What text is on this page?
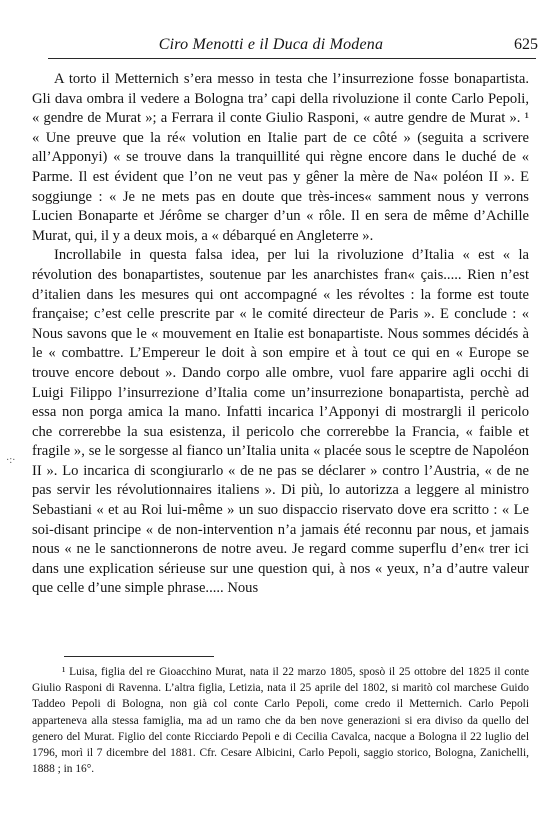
Ciro Menotti e il Duca di Modena	625
·:·

A torto il Metternich s’era messo in testa che l’insurrezione fosse bonapartista. Gli dava ombra il vedere a Bologna tra’ capi della rivoluzione il conte Carlo Pepoli, « gendre de Murat »; a Ferrara il conte Giulio Rasponi, « autre gendre de Murat ». ¹ « Une preuve que la ré« volution en Italie part de ce côté » (seguita a scrivere all’Apponyi) « se trouve dans la tranquillité qui règne encore dans le duché de « Parme. Il est évident que l’on ne veut pas y gêner la mère de Na« poléon II ». E soggiunge : « Je ne mets pas en doute que très-inces« samment nous y verrons Lucien Bonaparte et Jérôme se charger d’un « rôle. Il en sera de même d’Achille Murat, qui, il y a deux mois, a « débarqué en Angleterre ».

Incrollabile in questa falsa idea, per lui la rivoluzione d’Italia « est « la révolution des bonapartistes, soutenue par les anarchistes fran« çais..... Rien n’est d’italien dans les mesures qui ont accompagné « les révoltes : la forme est toute française; c’est celle prescrite par « le comité directeur de Paris ». E conclude : « Nous savons que le « mouvement en Italie est bonapartiste. Nous sommes décidés à le « combattre. L’Empereur le doit à son empire et à tout ce qui en « Europe se trouve encore debout ». Dando corpo alle ombre, vuol fare apparire agli occhi di Luigi Filippo l’insurrezione d’Italia come un’insurrezione bonapartista, perchè ad essa non porga amica la mano. Infatti incarica l’Apponyi di mostrargli il pericolo che correrebbe la sua esistenza, il pericolo che correrebbe la Francia, « faible et fragile », se le sorgesse al fianco un’Italia unita « placée sous le sceptre de Napoléon II ». Lo incarica di scongiurarlo « de ne pas se déclarer » contro l’Austria, « de ne pas servir les révolutionnaires italiens ». Di più, lo autorizza a leggere al ministro Sebastiani « et au Roi lui-même » un suo dispaccio riservato dove era scritto : « Le soi-disant principe « de non-intervention n’a jamais été reconnu par nous, et jamais nous « ne le sanctionnerons de notre aveu. Je regard comme superflu d’en« trer ici dans une explication sérieuse sur une question qui, à nos « yeux, n’a d’autre valeur que celle d’une simple phrase..... Nous

¹ Luisa, figlia del re Gioacchino Murat, nata il 22 marzo 1805, sposò il 25 ottobre del 1825 il conte Giulio Rasponi di Ravenna. L’altra figlia, Letizia, nata il 25 aprile del 1802, si maritò col marchese Guido Taddeo Pepoli di Bologna, non già col conte Carlo Pepoli, come credo il Metternich. Carlo Pepoli apparteneva alla stessa famiglia, ma ad un ramo che da ben nove generazioni si era diviso da quello del genero del Murat. Figlio del conte Ricciardo Pepoli e di Cecilia Cavalca, nacque a Bologna il 22 luglio del 1796, morì il 7 dicembre del 1881. Cfr. Cesare Albicini, Carlo Pepoli, saggio storico, Bologna, Zanichelli, 1888 ; in 16°.
